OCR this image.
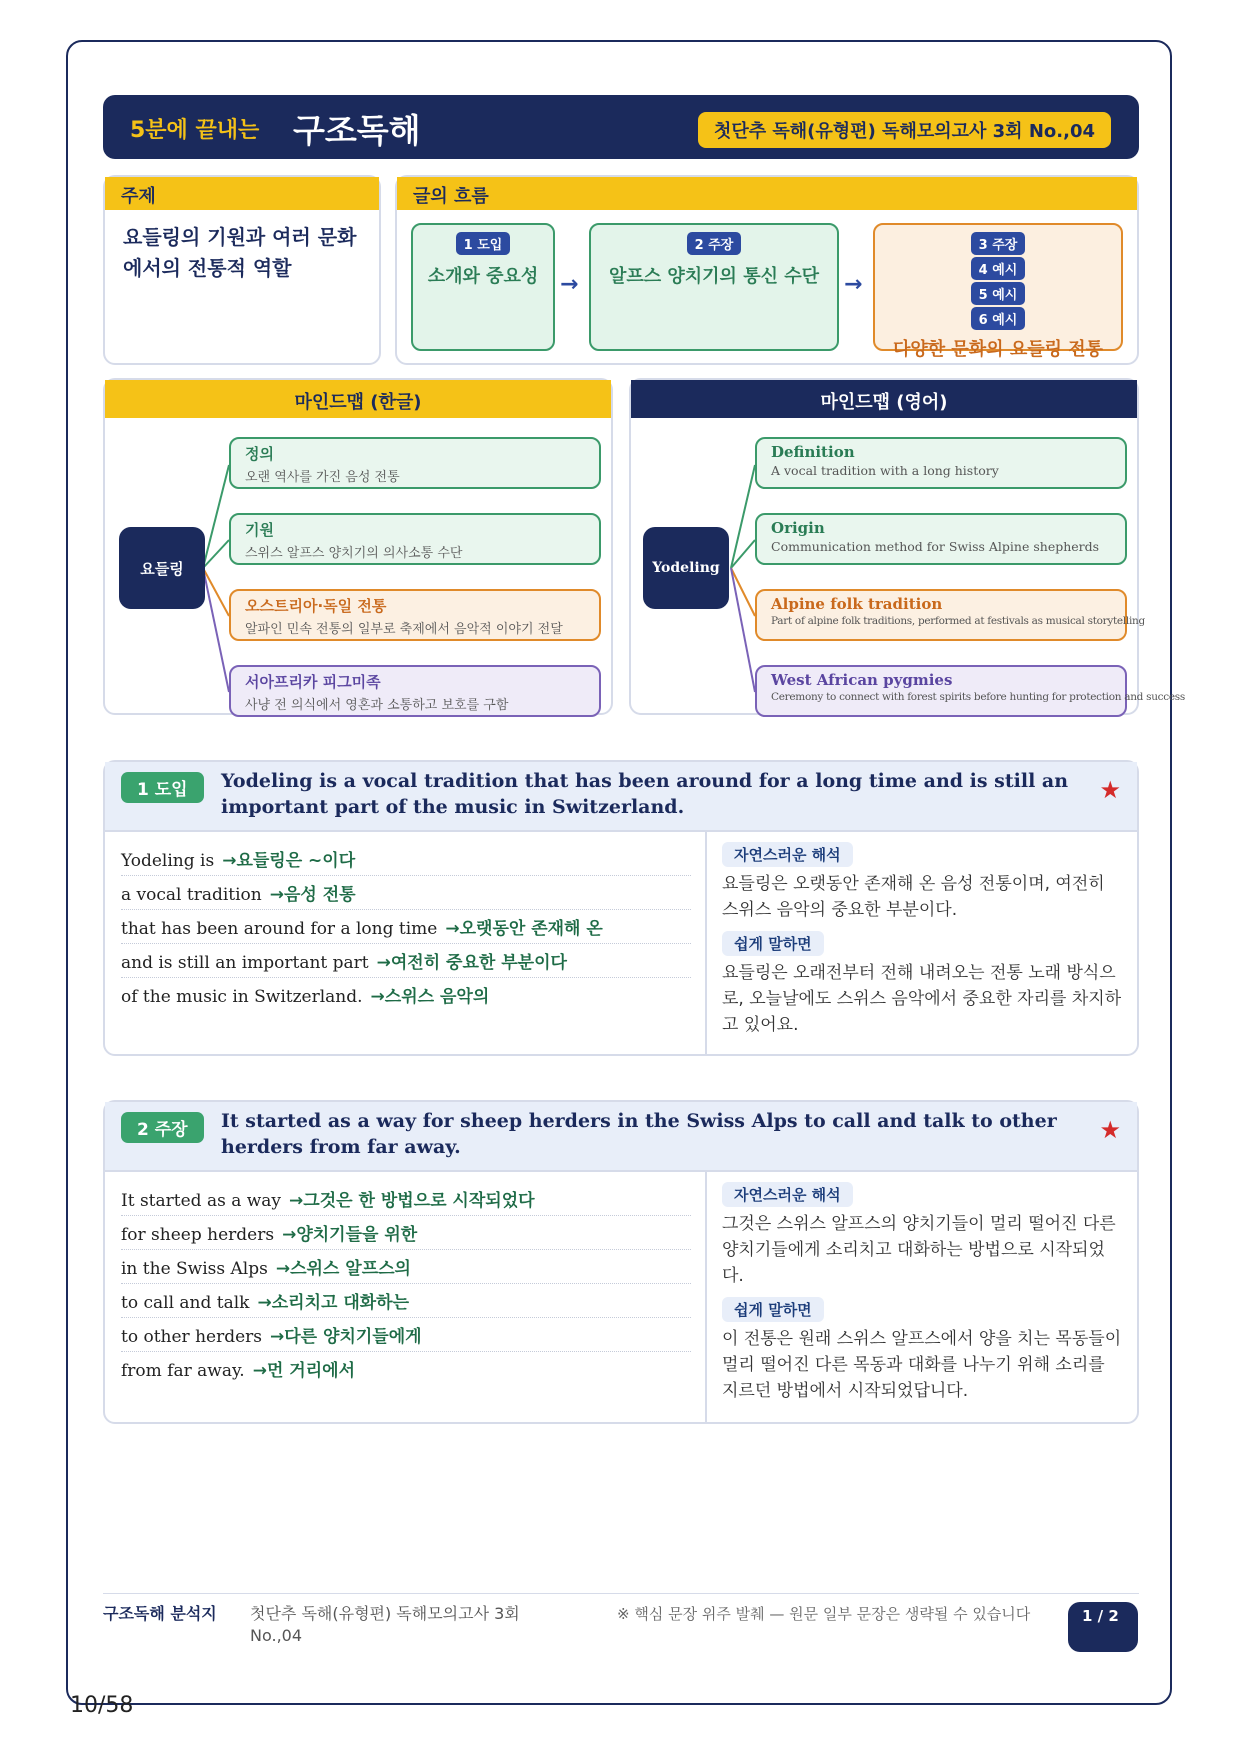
5분에 끝내는 구조독해	첫단추 독해(유형편) 독해모의고사 3회 No.,04
주제
요들링의 기원과 여러 문화에서의 전통적 역할
글의 흐름
1 도입
소개와 중요성 →
2 주장
알프스 양치기의 통신 수단	→
3 주장
4 예시
5 예시
6 예시
다양한 문화의 요들링 전통
마인드맵 (한글)
요들링
정의
오랜 역사를 가진 음성 전통
기원
스위스 알프스 양치기의 의사소통 수단
오스트리아·독일 전통
알파인 민속 전통의 일부로 축제에서 음악적 이야기 전달
서아프리카 피그미족
사냥 전 의식에서 영혼과 소통하고 보호를 구함
마인드맵 (영어)
Yodeling
Definition
A vocal tradition with a long history
Origin
Communication method for Swiss Alpine shepherds
Alpine folk tradition
Part of alpine folk traditions, performed at festivals as musical storytelling
West African pygmies
Ceremony to connect with forest spirits before hunting for protection and success
1 도입	Yodeling is a vocal tradition that has been around for a long time and is still an important part of the music in Switzerland.
★
Yodeling is →요들링은 ~이다
a vocal tradition →음성 전통
that has been around for a long time →오랫동안 존재해 온
and is still an important part →여전히 중요한 부분이다
of the music in Switzerland. →스위스 음악의
자연스러운 해석
요들링은 오랫동안 존재해 온 음성 전통이며, 여전히 스위스 음악의 중요한 부분이다.
쉽게 말하면
요들링은 오래전부터 전해 내려오는 전통 노래 방식으로, 오늘날에도 스위스 음악에서 중요한 자리를 차지하고 있어요.
2 주장	It started as a way for sheep herders in the Swiss Alps to call and talk to other herders from far away.
★
It started as a way →그것은 한 방법으로 시작되었다
for sheep herders →양치기들을 위한
in the Swiss Alps →스위스 알프스의
to call and talk →소리치고 대화하는
to other herders →다른 양치기들에게
from far away. →먼 거리에서
자연스러운 해석
그것은 스위스 알프스의 양치기들이 멀리 떨어진 다른 양치기들에게 소리치고 대화하는 방법으로 시작되었다.
쉽게 말하면
이 전통은 원래 스위스 알프스에서 양을 치는 목동들이 멀리 떨어진 다른 목동과 대화를 나누기 위해 소리를 지르던 방법에서 시작되었답니다.
구조독해 분석지	첫단추 독해(유형편) 독해모의고사 3회 No.,04
※ 핵심 문장 위주 발췌 — 원문 일부 문장은 생략될 수 있습니다	1 / 2
10/58
